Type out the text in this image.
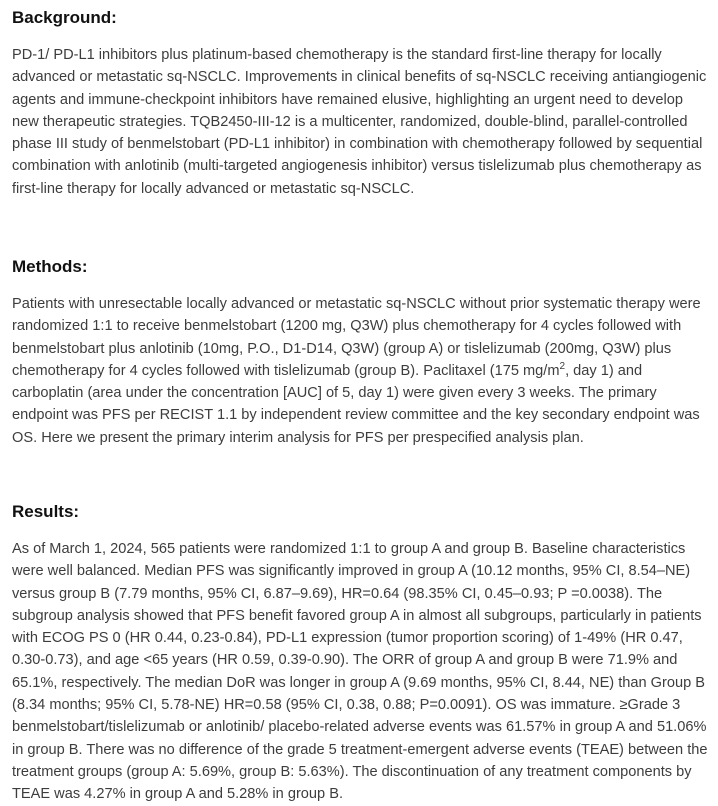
Background:

PD-1/ PD-L1 inhibitors plus platinum-based chemotherapy is the standard first-line therapy for locally advanced or metastatic sq-NSCLC. Improvements in clinical benefits of sq-NSCLC receiving antiangiogenic agents and immune-checkpoint inhibitors have remained elusive, highlighting an urgent need to develop new therapeutic strategies. TQB2450-III-12 is a multicenter, randomized, double-blind, parallel-controlled phase III study of benmelstobart (PD-L1 inhibitor) in combination with chemotherapy followed by sequential combination with anlotinib (multi-targeted angiogenesis inhibitor) versus tislelizumab plus chemotherapy as first-line therapy for locally advanced or metastatic sq-NSCLC.

Methods:

Patients with unresectable locally advanced or metastatic sq-NSCLC without prior systematic therapy were randomized 1:1 to receive benmelstobart (1200 mg, Q3W) plus chemotherapy for 4 cycles followed with benmelstobart plus anlotinib (10mg, P.O., D1-D14, Q3W) (group A) or tislelizumab (200mg, Q3W) plus chemotherapy for 4 cycles followed with tislelizumab (group B). Paclitaxel (175 $mg/m^2$, day 1) and carboplatin (area under the concentration [AUC] of 5, day 1) were given every 3 weeks. The primary endpoint was PFS per RECIST 1.1 by independent review committee and the key secondary endpoint was OS. Here we present the primary interim analysis for PFS per prespecified analysis plan.

Results:

As of March 1, 2024, 565 patients were randomized 1:1 to group A and group B. Baseline characteristics were well balanced. Median PFS was significantly improved in group A (10.12 months, 95% CI, 8.54–NE) versus group B (7.79 months, 95% CI, 6.87–9.69), HR=0.64 (98.35% CI, 0.45–0.93; P =0.0038). The subgroup analysis showed that PFS benefit favored group A in almost all subgroups, particularly in patients with ECOG PS 0 (HR 0.44, 0.23-0.84), PD-L1 expression (tumor proportion scoring) of 1-49% (HR 0.47, 0.30-0.73), and age <65 years (HR 0.59, 0.39-0.90). The ORR of group A and group B were 71.9% and 65.1%, respectively. The median DoR was longer in group A (9.69 months, 95% CI, 8.44, NE) than Group B (8.34 months; 95% CI, 5.78-NE) HR=0.58 (95% CI, 0.38, 0.88; P=0.0091). OS was immature. ≥Grade 3 benmelstobart/tislelizumab or anlotinib/ placebo-related adverse events was 61.57% in group A and 51.06% in group B. There was no difference of the grade 5 treatment-emergent adverse events (TEAE) between the treatment groups (group A: 5.69%, group B: 5.63%). The discontinuation of any treatment components by TEAE was 4.27% in group A and 5.28% in group B.
